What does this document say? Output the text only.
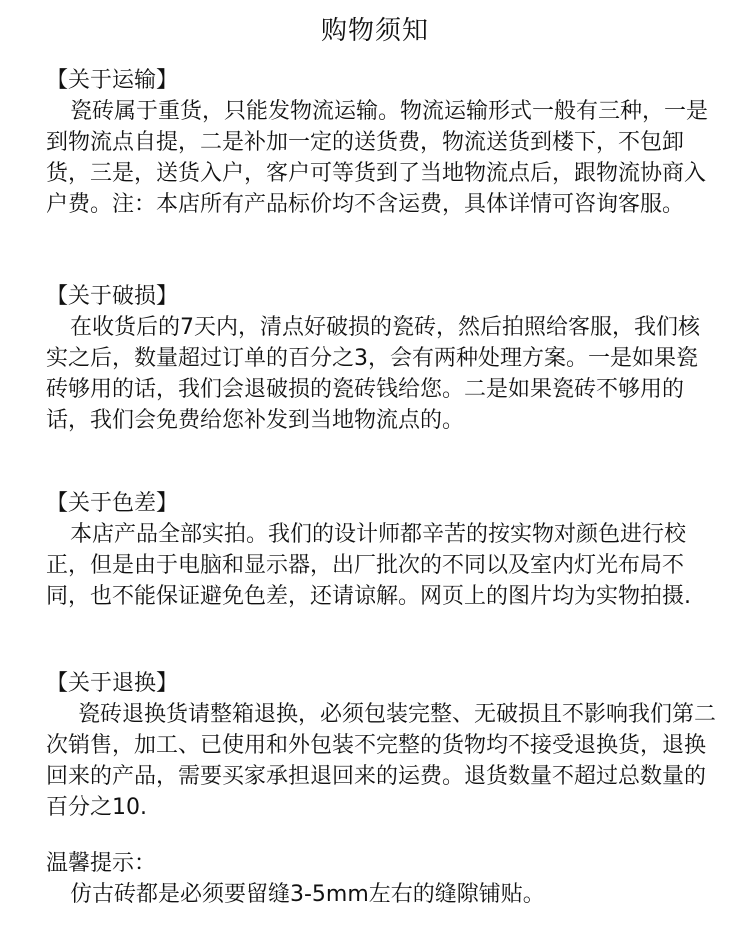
购物须知

【关于运输】

瓷砖属于重货，只能发物流运输。物流运输形式一般有三种，一是到物流点自提，二是补加一定的送货费，物流送货到楼下，不包卸货，三是，送货入户，客户可等货到了当地物流点后，跟物流协商入户费。注：本店所有产品标价均不含运费，具体详情可咨询客服。

【关于破损】

在收货后的7天内，清点好破损的瓷砖，然后拍照给客服，我们核实之后，数量超过订单的百分之3，会有两种处理方案。一是如果瓷砖够用的话，我们会退破损的瓷砖钱给您。二是如果瓷砖不够用的话，我们会免费给您补发到当地物流点的。

【关于色差】

本店产品全部实拍。我们的设计师都辛苦的按实物对颜色进行校正，但是由于电脑和显示器，出厂批次的不同以及室内灯光布局不同，也不能保证避免色差，还请谅解。网页上的图片均为实物拍摄.

【关于退换】

瓷砖退换货请整箱退换，必须包装完整、无破损且不影响我们第二次销售，加工、已使用和外包装不完整的货物均不接受退换货，退换回来的产品，需要买家承担退回来的运费。退货数量不超过总数量的百分之10.

温馨提示：

仿古砖都是必须要留缝3-5mm左右的缝隙铺贴。
